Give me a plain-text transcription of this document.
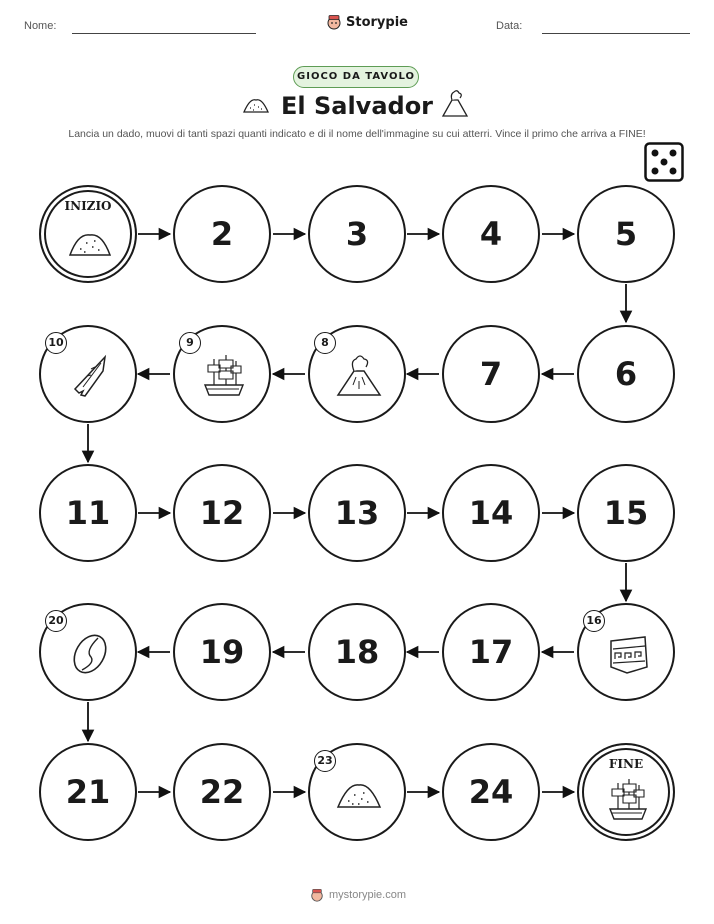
Nome:	Storypie	Data:
GIOCO DA TAVOLO
El Salvador
Lancia un dado, muovi di tanti spazi quanti indicato e di il nome dell'immagine su cui atterri. Vince il primo che arriva a FINE!
INIZIO
2	3	4	5
10	9	8
7	6
11	12	13	14	15
20
19	18	17
16
21	22
23
24
FINE
mystorypie.com
